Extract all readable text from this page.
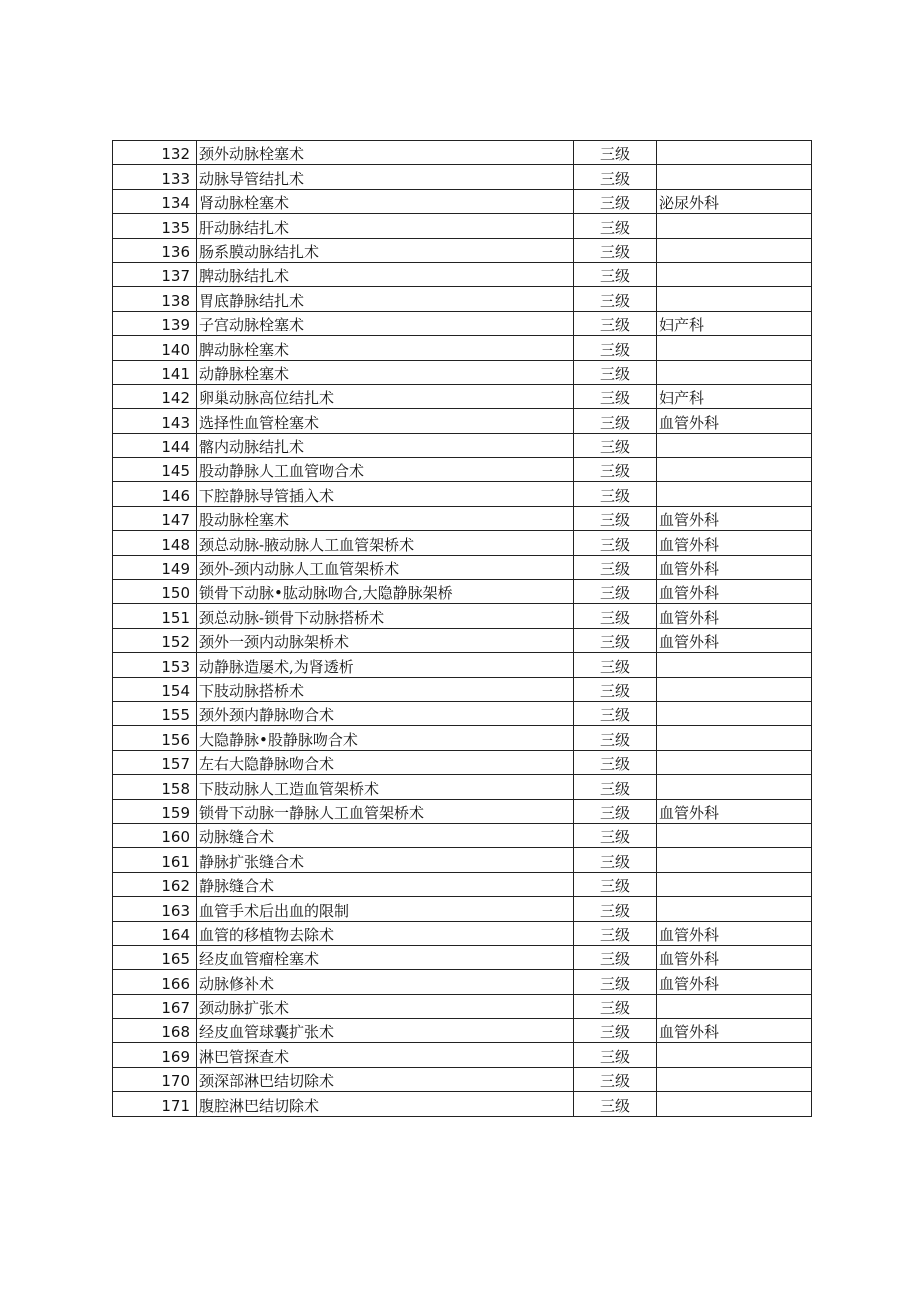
132	颈外动脉栓塞术	三级	
133	动脉导管结扎术	三级	
134	肾动脉栓塞术	三级	泌尿外科
135	肝动脉结扎术	三级	
136	肠系膜动脉结扎术	三级	
137	脾动脉结扎术	三级	
138	胃底静脉结扎术	三级	
139	子宫动脉栓塞术	三级	妇产科
140	脾动脉栓塞术	三级	
141	动静脉栓塞术	三级	
142	卵巢动脉高位结扎术	三级	妇产科
143	选择性血管栓塞术	三级	血管外科
144	髂内动脉结扎术	三级	
145	股动静脉人工血管吻合术	三级	
146	下腔静脉导管插入术	三级	
147	股动脉栓塞术	三级	血管外科
148	颈总动脉-腋动脉人工血管架桥术	三级	血管外科
149	颈外-颈内动脉人工血管架桥术	三级	血管外科
150	锁骨下动脉•肱动脉吻合,大隐静脉架桥	三级	血管外科
151	颈总动脉-锁骨下动脉搭桥术	三级	血管外科
152	颈外一颈内动脉架桥术	三级	血管外科
153	动静脉造屡术,为肾透析	三级	
154	下肢动脉搭桥术	三级	
155	颈外颈内静脉吻合术	三级	
156	大隐静脉•股静脉吻合术	三级	
157	左右大隐静脉吻合术	三级	
158	下肢动脉人工造血管架桥术	三级	
159	锁骨下动脉一静脉人工血管架桥术	三级	血管外科
160	动脉缝合术	三级	
161	静脉扩张缝合术	三级	
162	静脉缝合术	三级	
163	血管手术后出血的限制	三级	
164	血管的移植物去除术	三级	血管外科
165	经皮血管瘤栓塞术	三级	血管外科
166	动脉修补术	三级	血管外科
167	颈动脉扩张术	三级	
168	经皮血管球囊扩张术	三级	血管外科
169	淋巴管探查术	三级	
170	颈深部淋巴结切除术	三级	
171	腹腔淋巴结切除术	三级	
